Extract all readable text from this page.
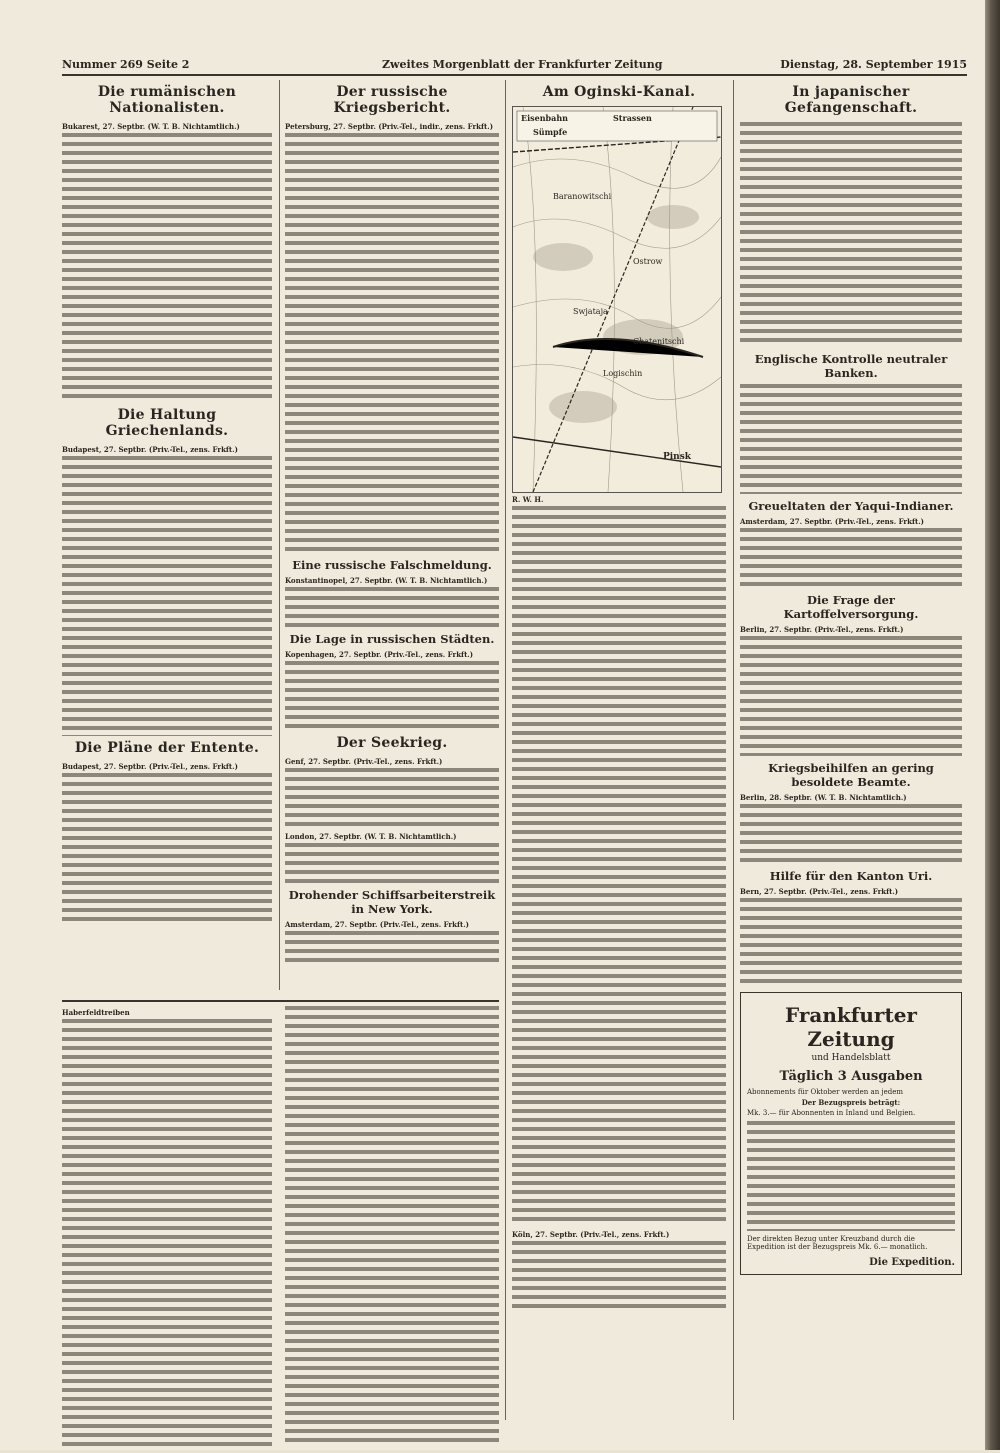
Nummer 269 Seite 2	Zweites Morgenblatt der Frankfurter Zeitung	Dienstag, 28. September 1915
Die rumänischen Nationalisten.
Bukarest, 27. Septbr. (W. T. B. Nichtamtlich.)
Die Haltung Griechenlands.
Budapest, 27. Septbr. (Priv.-Tel., zens. Frkft.)
Die Pläne der Entente.
Budapest, 27. Septbr. (Priv.-Tel., zens. Frkft.)
Der russische Kriegsbericht.
Petersburg, 27. Septbr. (Priv.-Tel., indir., zens. Frkft.)
Eine russische Falschmeldung.
Konstantinopel, 27. Septbr. (W. T. B. Nichtamtlich.)
Die Lage in russischen Städten.
Kopenhagen, 27. Septbr. (Priv.-Tel., zens. Frkft.)
Der Seekrieg.
Genf, 27. Septbr. (Priv.-Tel., zens. Frkft.)
London, 27. Septbr. (W. T. B. Nichtamtlich.)
Drohender Schiffsarbeiterstreik in New York.
Amsterdam, 27. Septbr. (Priv.-Tel., zens. Frkft.)
Am Oginski-Kanal.
Eisenbahn	Strassen
Sümpfe
Pinsk
Logischin
Baranowitschi
Ostrow
Swjataja
Chatenitschi
R. W. H.
Köln, 27. Septbr. (Priv.-Tel., zens. Frkft.)
In japanischer Gefangenschaft.
Englische Kontrolle neutraler Banken.
Greueltaten der Yaqui-Indianer.
Amsterdam, 27. Septbr. (Priv.-Tel., zens. Frkft.)
Die Frage der Kartoffelversorgung.
Berlin, 27. Septbr. (Priv.-Tel., zens. Frkft.)
Kriegsbeihilfen an gering besoldete Beamte.
Berlin, 28. Septbr. (W. T. B. Nichtamtlich.)
Hilfe für den Kanton Uri.
Bern, 27. Septbr. (Priv.-Tel., zens. Frkft.)
Frankfurter Zeitung
und Handelsblatt
Täglich 3 Ausgaben
Abonnements für Oktober werden an jedem
Der Bezugspreis beträgt:
Mk. 3.— für Abonnenten in Inland und Belgien.
Der direkten Bezug unter Kreuzband durch die Expedition ist der Bezugspreis Mk. 6.— monatlich.
Die Expedition.
Haberfeldtreiben
